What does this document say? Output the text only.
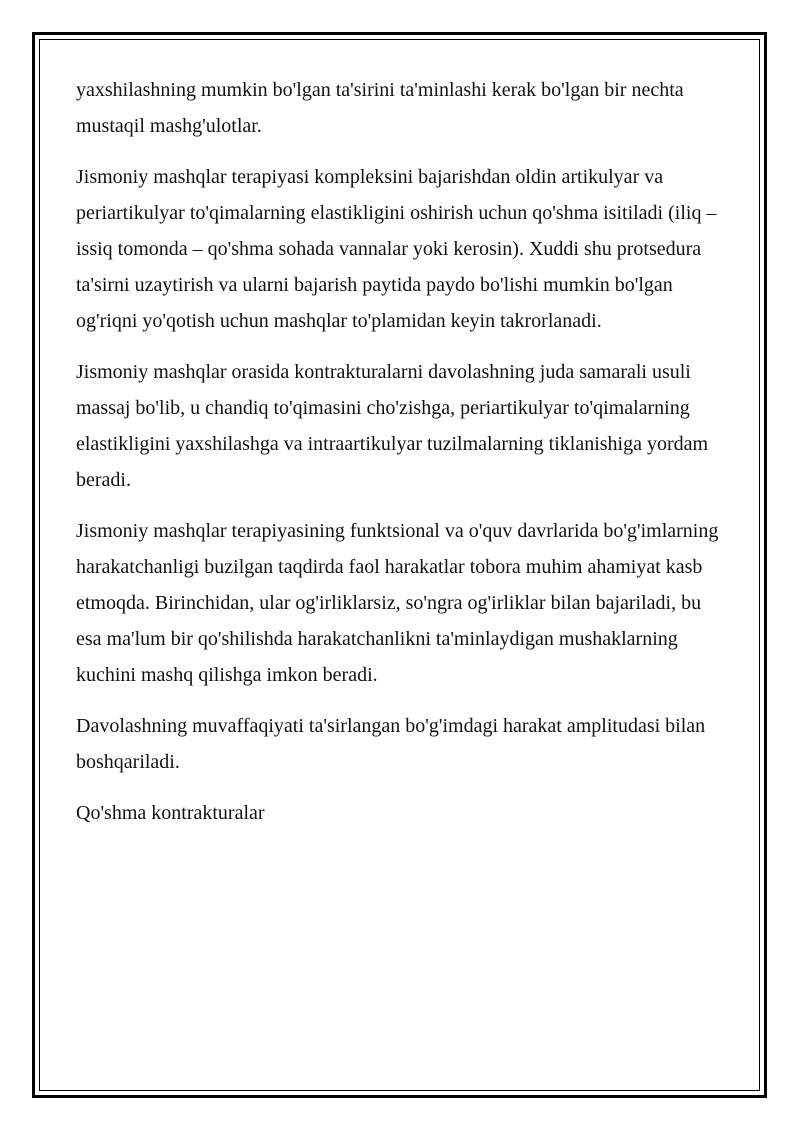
yaxshilashning mumkin bo'lgan ta'sirini ta'minlashi kerak bo'lgan bir nechta mustaqil mashg'ulotlar.

Jismoniy mashqlar terapiyasi kompleksini bajarishdan oldin artikulyar va periartikulyar to'qimalarning elastikligini oshirish uchun qo'shma isitiladi (iliq – issiq tomonda – qo'shma sohada vannalar yoki kerosin). Xuddi shu protsedura ta'sirni uzaytirish va ularni bajarish paytida paydo bo'lishi mumkin bo'lgan og'riqni yo'qotish uchun mashqlar to'plamidan keyin takrorlanadi.

Jismoniy mashqlar orasida kontrakturalarni davolashning juda samarali usuli massaj bo'lib, u chandiq to'qimasini cho'zishga, periartikulyar to'qimalarning elastikligini yaxshilashga va intraartikulyar tuzilmalarning tiklanishiga yordam beradi.

Jismoniy mashqlar terapiyasining funktsional va o'quv davrlarida bo'g'imlarning harakatchanligi buzilgan taqdirda faol harakatlar tobora muhim ahamiyat kasb etmoqda. Birinchidan, ular og'irliklarsiz, so'ngra og'irliklar bilan bajariladi, bu esa ma'lum bir qo'shilishda harakatchanlikni ta'minlaydigan mushaklarning kuchini mashq qilishga imkon beradi.

Davolashning muvaffaqiyati ta'sirlangan bo'g'imdagi harakat amplitudasi bilan boshqariladi.

Qo'shma kontrakturalar
